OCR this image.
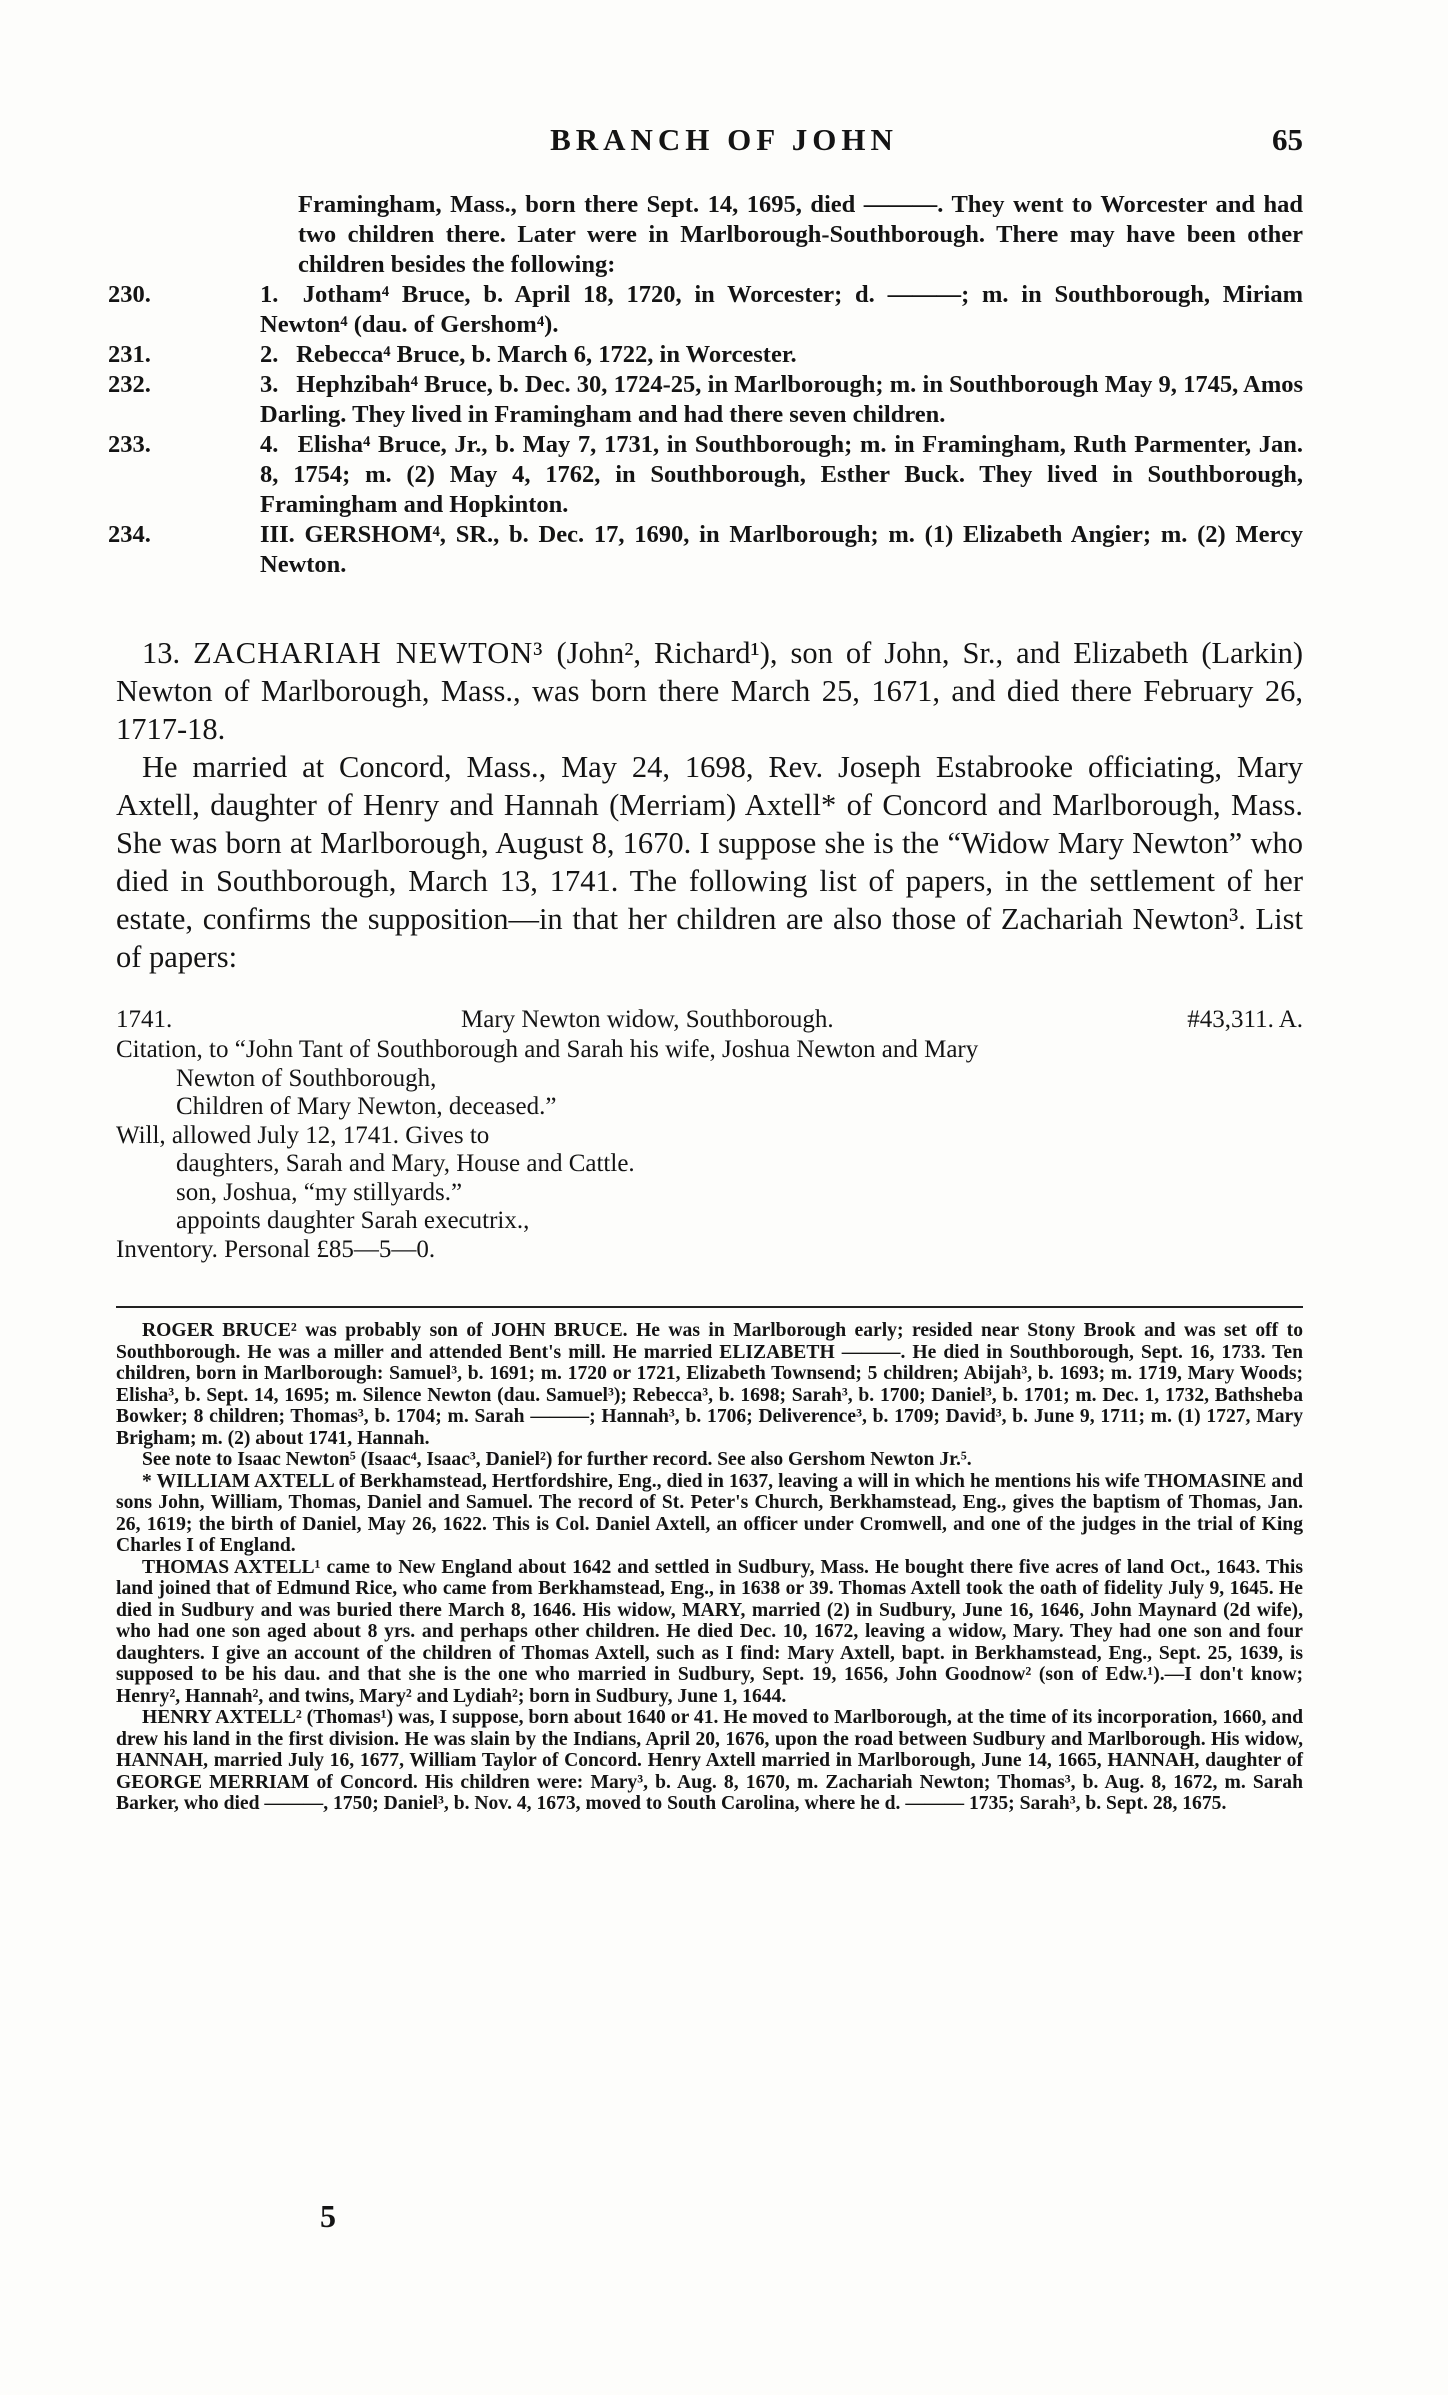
BRANCH OF JOHN	65
Framingham, Mass., born there Sept. 14, 1695, died ———. They went to Worcester and had two children there. Later were in Marlborough-Southborough. There may have been other children besides the following:
230.	1. Jotham⁴ Bruce, b. April 18, 1720, in Worcester; d. ———; m. in Southborough, Miriam Newton⁴ (dau. of Gershom⁴).
231.	2. Rebecca⁴ Bruce, b. March 6, 1722, in Worcester.
232.	3. Hephzibah⁴ Bruce, b. Dec. 30, 1724-25, in Marlborough; m. in Southborough May 9, 1745, Amos Darling. They lived in Framingham and had there seven children.
233.	4. Elisha⁴ Bruce, Jr., b. May 7, 1731, in Southborough; m. in Framingham, Ruth Parmenter, Jan. 8, 1754; m. (2) May 4, 1762, in Southborough, Esther Buck. They lived in Southborough, Framingham and Hopkinton.
234.	III. GERSHOM⁴, SR., b. Dec. 17, 1690, in Marlborough; m. (1) Elizabeth Angier; m. (2) Mercy Newton.

13. ZACHARIAH NEWTON³ (John², Richard¹), son of John, Sr., and Elizabeth (Larkin) Newton of Marlborough, Mass., was born there March 25, 1671, and died there February 26, 1717-18.

He married at Concord, Mass., May 24, 1698, Rev. Joseph Estabrooke officiating, Mary Axtell, daughter of Henry and Hannah (Merriam) Axtell* of Concord and Marlborough, Mass. She was born at Marlborough, August 8, 1670. I suppose she is the “Widow Mary Newton” who died in Southborough, March 13, 1741. The following list of papers, in the settlement of her estate, confirms the supposition—in that her children are also those of Zachariah Newton³. List of papers:

1741.	Mary Newton widow, Southborough.	#43,311. A.
Citation, to “John Tant of Southborough and Sarah his wife, Joshua Newton and Mary
Newton of Southborough,
Children of Mary Newton, deceased.”
Will, allowed July 12, 1741. Gives to
daughters, Sarah and Mary, House and Cattle.
son, Joshua, “my stillyards.”
appoints daughter Sarah executrix.,
Inventory. Personal £85—5—0.

ROGER BRUCE² was probably son of JOHN BRUCE. He was in Marlborough early; resided near Stony Brook and was set off to Southborough. He was a miller and attended Bent's mill. He married ELIZABETH ———. He died in Southborough, Sept. 16, 1733. Ten children, born in Marlborough: Samuel³, b. 1691; m. 1720 or 1721, Elizabeth Townsend; 5 children; Abijah³, b. 1693; m. 1719, Mary Woods; Elisha³, b. Sept. 14, 1695; m. Silence Newton (dau. Samuel³); Rebecca³, b. 1698; Sarah³, b. 1700; Daniel³, b. 1701; m. Dec. 1, 1732, Bathsheba Bowker; 8 children; Thomas³, b. 1704; m. Sarah ———; Hannah³, b. 1706; Deliverence³, b. 1709; David³, b. June 9, 1711; m. (1) 1727, Mary Brigham; m. (2) about 1741, Hannah.

See note to Isaac Newton⁵ (Isaac⁴, Isaac³, Daniel²) for further record. See also Gershom Newton Jr.⁵.

* WILLIAM AXTELL of Berkhamstead, Hertfordshire, Eng., died in 1637, leaving a will in which he mentions his wife THOMASINE and sons John, William, Thomas, Daniel and Samuel. The record of St. Peter's Church, Berkhamstead, Eng., gives the baptism of Thomas, Jan. 26, 1619; the birth of Daniel, May 26, 1622. This is Col. Daniel Axtell, an officer under Cromwell, and one of the judges in the trial of King Charles I of England.

THOMAS AXTELL¹ came to New England about 1642 and settled in Sudbury, Mass. He bought there five acres of land Oct., 1643. This land joined that of Edmund Rice, who came from Berkhamstead, Eng., in 1638 or 39. Thomas Axtell took the oath of fidelity July 9, 1645. He died in Sudbury and was buried there March 8, 1646. His widow, MARY, married (2) in Sudbury, June 16, 1646, John Maynard (2d wife), who had one son aged about 8 yrs. and perhaps other children. He died Dec. 10, 1672, leaving a widow, Mary. They had one son and four daughters. I give an account of the children of Thomas Axtell, such as I find: Mary Axtell, bapt. in Berkhamstead, Eng., Sept. 25, 1639, is supposed to be his dau. and that she is the one who married in Sudbury, Sept. 19, 1656, John Goodnow² (son of Edw.¹).—I don't know; Henry², Hannah², and twins, Mary² and Lydiah²; born in Sudbury, June 1, 1644.

HENRY AXTELL² (Thomas¹) was, I suppose, born about 1640 or 41. He moved to Marlborough, at the time of its incorporation, 1660, and drew his land in the first division. He was slain by the Indians, April 20, 1676, upon the road between Sudbury and Marlborough. His widow, HANNAH, married July 16, 1677, William Taylor of Concord. Henry Axtell married in Marlborough, June 14, 1665, HANNAH, daughter of GEORGE MERRIAM of Concord. His children were: Mary³, b. Aug. 8, 1670, m. Zachariah Newton; Thomas³, b. Aug. 8, 1672, m. Sarah Barker, who died ———, 1750; Daniel³, b. Nov. 4, 1673, moved to South Carolina, where he d. ——— 1735; Sarah³, b. Sept. 28, 1675.

5
